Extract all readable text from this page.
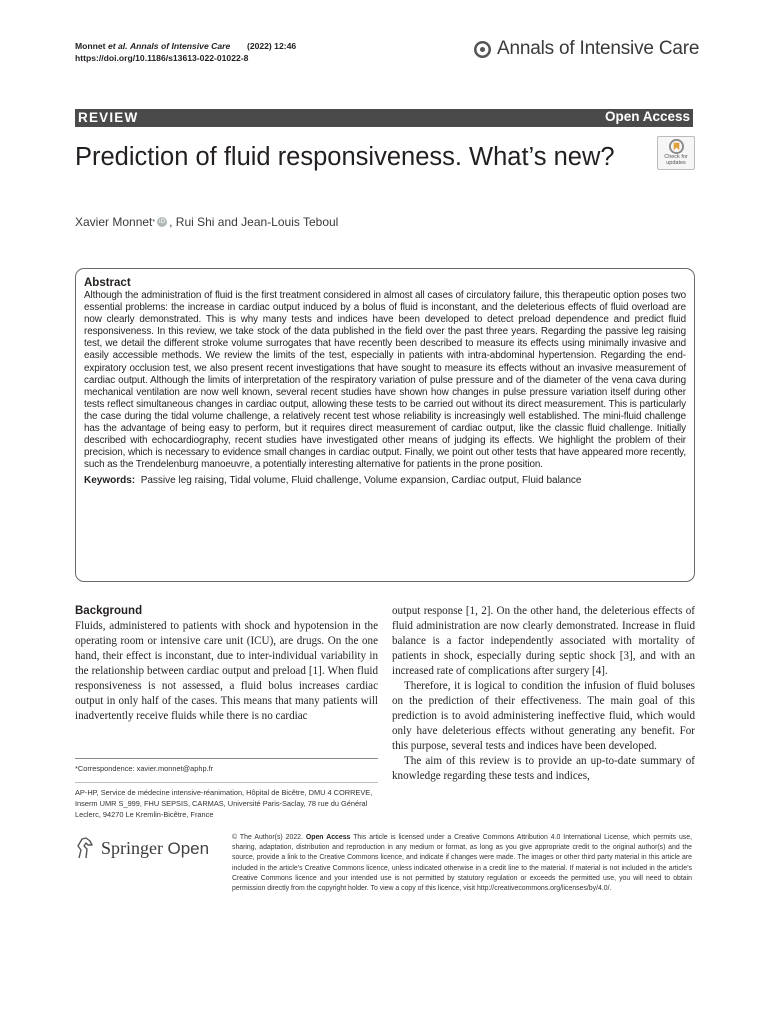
Monnet et al. Annals of Intensive Care (2022) 12:46
https://doi.org/10.1186/s13613-022-01022-8	Annals of Intensive Care
REVIEW	Open Access
Prediction of fluid responsiveness. What’s new?	Check for
updates
Xavier Monnet * iD , Rui Shi and Jean-Louis Teboul
Abstract

Although the administration of fluid is the first treatment considered in almost all cases of circulatory failure, this therapeutic option poses two essential problems: the increase in cardiac output induced by a bolus of fluid is inconstant, and the deleterious effects of fluid overload are now clearly demonstrated. This is why many tests and indices have been developed to detect preload dependence and predict fluid responsiveness. In this review, we take stock of the data published in the field over the past three years. Regarding the passive leg raising test, we detail the different stroke volume surrogates that have recently been described to measure its effects using minimally invasive and easily accessible methods. We review the limits of the test, especially in patients with intra-abdominal hypertension. Regarding the end-expiratory occlusion test, we also present recent investigations that have sought to measure its effects without an invasive measurement of cardiac output. Although the limits of interpretation of the respiratory variation of pulse pressure and of the diameter of the vena cava during mechanical ventilation are now well known, several recent studies have shown how changes in pulse pressure variation itself during other tests reflect simultaneous changes in cardiac output, allowing these tests to be carried out without its direct measurement. This is particularly the case during the tidal volume challenge, a relatively recent test whose reliability is increasingly well established. The mini-fluid challenge has the advantage of being easy to perform, but it requires direct measurement of cardiac output, like the classic fluid challenge. Initially described with echocardiography, recent studies have investigated other means of judging its effects. We highlight the problem of their precision, which is necessary to evidence small changes in cardiac output. Finally, we point out other tests that have appeared more recently, such as the Trendelenburg manoeuvre, a potentially interesting alternative for patients in the prone position.

Keywords: Passive leg raising, Tidal volume, Fluid challenge, Volume expansion, Cardiac output, Fluid balance
Background

Fluids, administered to patients with shock and hypotension in the operating room or intensive care unit (ICU), are drugs. On the one hand, their effect is inconstant, due to inter-individual variability in the relationship between cardiac output and preload [1]. When fluid responsiveness is not assessed, a fluid bolus increases cardiac output in only half of the cases. This means that many patients will inadvertently receive fluids while there is no cardiac

output response [1, 2]. On the other hand, the deleterious effects of fluid administration are now clearly demonstrated. Increase in fluid balance is a factor independently associated with mortality of patients in shock, especially during septic shock [3], and with an increased rate of complications after surgery [4].

Therefore, it is logical to condition the infusion of fluid boluses on the prediction of their effectiveness. The main goal of this prediction is to avoid administering ineffective fluid, which would only have deleterious effects without generating any benefit. For this purpose, several tests and indices have been developed.

The aim of this review is to provide an up-to-date summary of knowledge regarding these tests and indices,

*Correspondence: xavier.monnet@aphp.fr
AP-HP, Service de médecine intensive-réanimation, Hôpital de Bicêtre, DMU 4 CORREVE, Inserm UMR S_999, FHU SEPSIS, CARMAS, Université Paris-Saclay, 78 rue du Général Leclerc, 94270 Le Kremlin-Bicêtre, France
Springer Open
© The Author(s) 2022. Open Access This article is licensed under a Creative Commons Attribution 4.0 International License, which permits use, sharing, adaptation, distribution and reproduction in any medium or format, as long as you give appropriate credit to the original author(s) and the source, provide a link to the Creative Commons licence, and indicate if changes were made. The images or other third party material in this article are included in the article’s Creative Commons licence, unless indicated otherwise in a credit line to the material. If material is not included in the article’s Creative Commons licence and your intended use is not permitted by statutory regulation or exceeds the permitted use, you will need to obtain permission directly from the copyright holder. To view a copy of this licence, visit http://creativecommons.org/licenses/by/4.0/.
